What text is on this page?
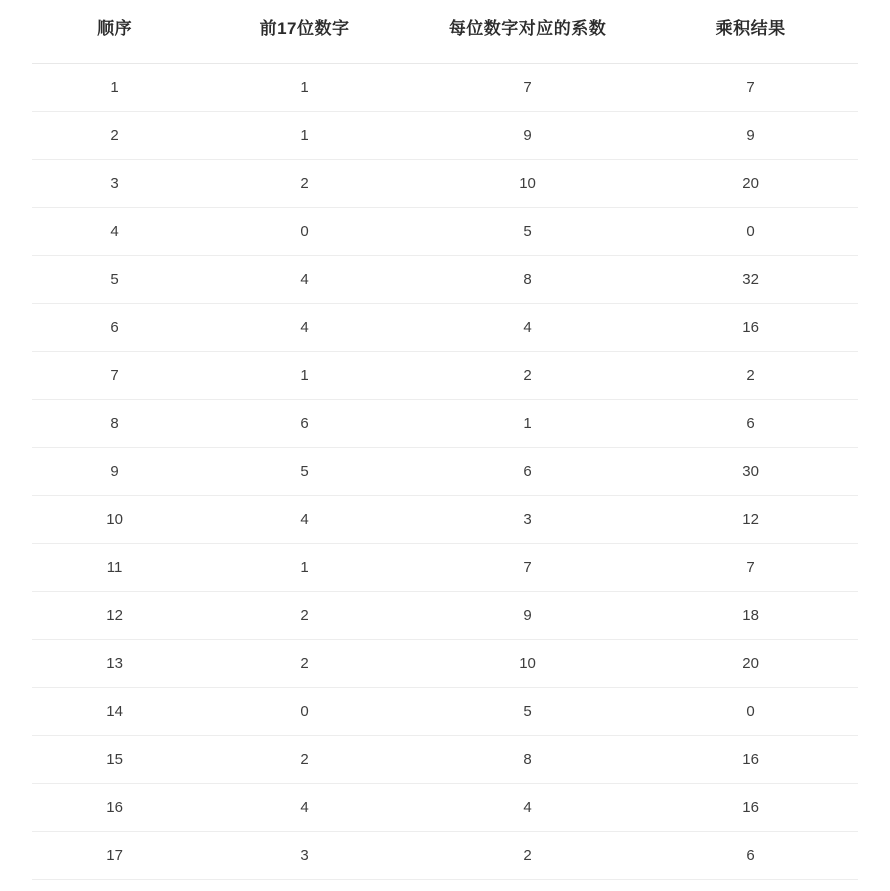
顺序	前17位数字	每位数字对应的系数	乘积结果
1	1	7	7
2	1	9	9
3	2	10	20
4	0	5	0
5	4	8	32
6	4	4	16
7	1	2	2
8	6	1	6
9	5	6	30
10	4	3	12
11	1	7	7
12	2	9	18
13	2	10	20
14	0	5	0
15	2	8	16
16	4	4	16
17	3	2	6
